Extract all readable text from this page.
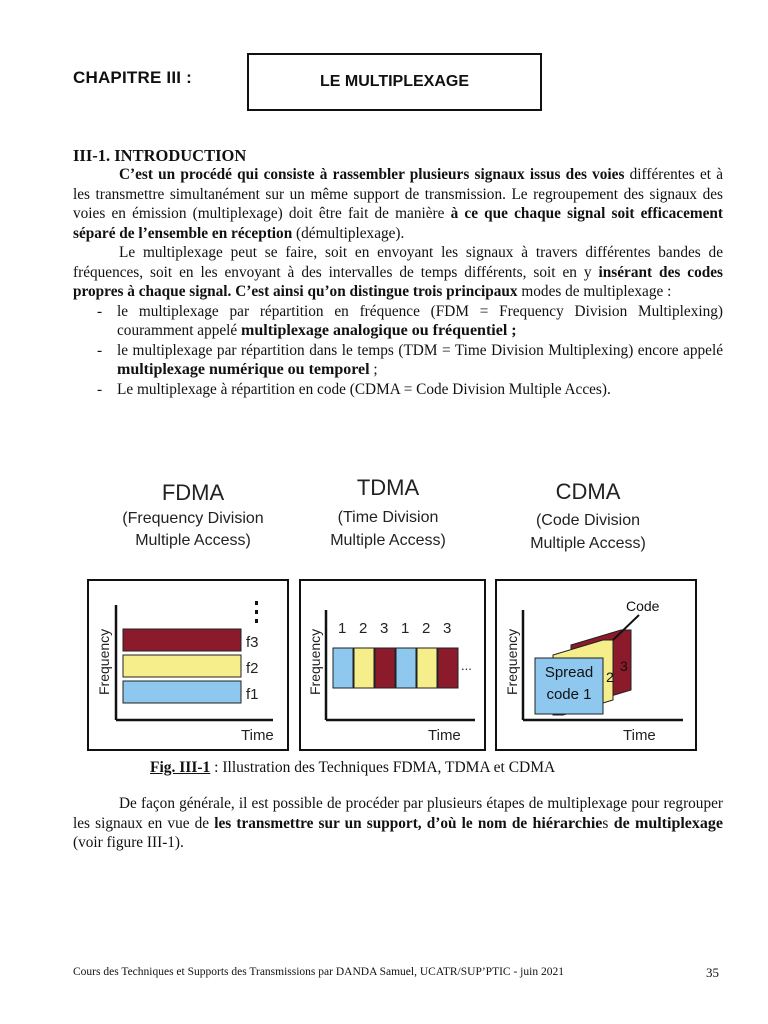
CHAPITRE III :	LE MULTIPLEXAGE
III-1. INTRODUCTION

C’est un procédé qui consiste à rassembler plusieurs signaux issus des voies différentes et à les transmettre simultanément sur un même support de transmission. Le regroupement des signaux des voies en émission (multiplexage) doit être fait de manière à ce que chaque signal soit efficacement séparé de l’ensemble en réception (démultiplexage).

Le multiplexage peut se faire, soit en envoyant les signaux à travers différentes bandes de fréquences, soit en les envoyant à des intervalles de temps différents, soit en y insérant des codes propres à chaque signal. C’est ainsi qu’on distingue trois principaux modes de multiplexage :

- le multiplexage par répartition en fréquence (FDM = Frequency Division Multiplexing) couramment appelé multiplexage analogique ou fréquentiel ;
- le multiplexage par répartition dans le temps (TDM = Time Division Multiplexing) encore appelé multiplexage numérique ou temporel ;
- Le multiplexage à répartition en code (CDMA = Code Division Multiple Acces).
FDMA
(Frequency Division
Multiple Access)
TDMA
(Time Division
Multiple Access)
CDMA
(Code Division
Multiple Access)
Frequency
Time
f3
f2
f1	Frequency
Time
...
1 2 3 1 2 3
Frequency
Time
3
2
Spread
code 1
Code
Fig. III-1 : Illustration des Techniques FDMA, TDMA et CDMA

De façon générale, il est possible de procéder par plusieurs étapes de multiplexage pour regrouper les signaux en vue de les transmettre sur un support, d’où le nom de hiérarchies de multiplexage (voir figure III-1).

Cours des Techniques et Supports des Transmissions par DANDA Samuel, UCATR/SUP’PTIC - juin 2021	35
